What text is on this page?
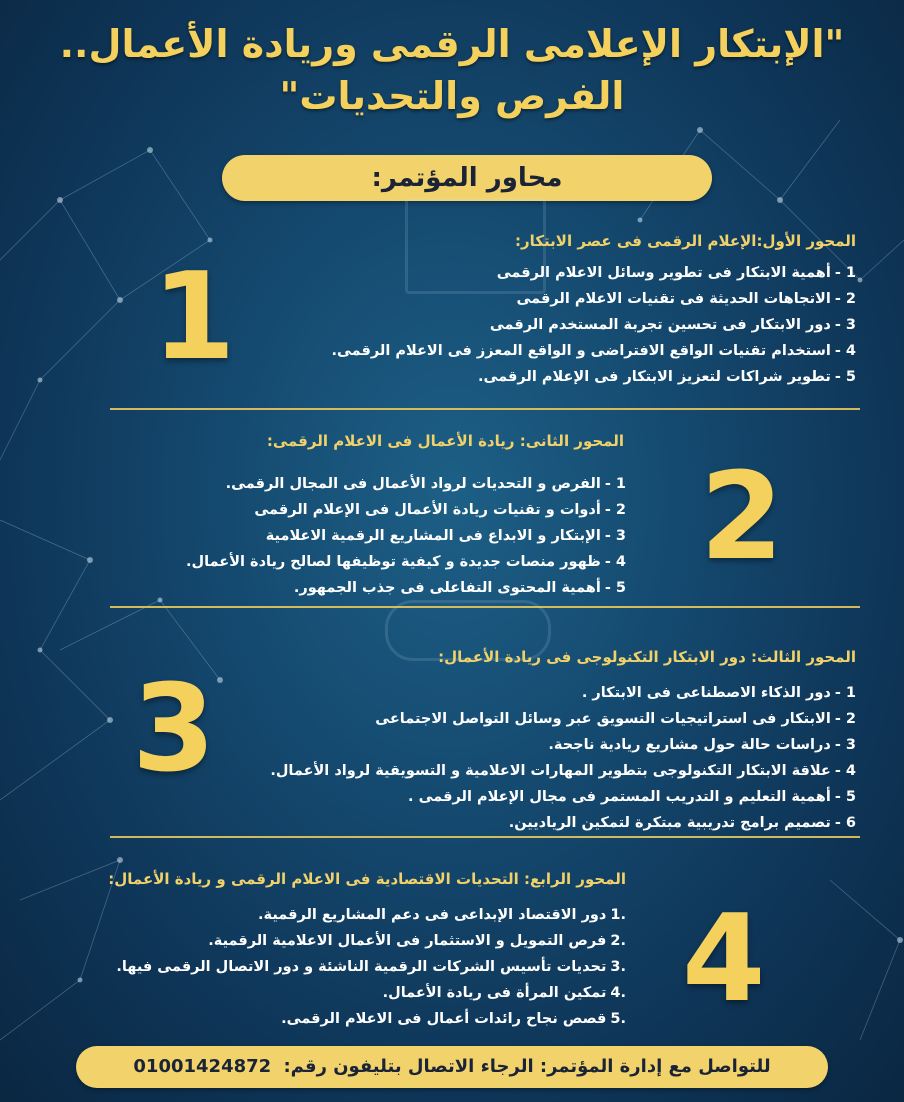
"الإبتكار الإعلامى الرقمى وريادة الأعمال..
الفرص والتحديات"
محاور المؤتمر:
1
المحور الأول:الإعلام الرقمى فى عصر الابتكار:
1 -أهمية الابتكار فى تطوير وسائل الاعلام الرقمى
2 -الاتجاهات الحديثة فى تقنيات الاعلام الرقمى
3 -دور الابتكار فى تحسين تجربة المستخدم الرقمى
4 -استخدام تقنيات الواقع الافتراضى و الواقع المعزز فى الاعلام الرقمى.
5 -تطوير شراكات لتعزيز الابتكار فى الإعلام الرقمى.
2
المحور الثانى: ريادة الأعمال فى الاعلام الرقمى:
1 -الفرص و التحديات لرواد الأعمال فى المجال الرقمى.
2 -أدوات و تقنيات ريادة الأعمال فى الإعلام الرقمى
3 -الإبتكار و الابداع فى المشاريع الرقمية الاعلامية
4 -ظهور منصات جديدة و كيفية توظيفها لصالح ريادة الأعمال.
5 -أهمية المحتوى التفاعلى فى جذب الجمهور.
3
المحور الثالث: دور الابتكار التكنولوجى فى ريادة الأعمال:
1 -دور الذكاء الاصطناعى فى الابتكار .
2 -الابتكار فى استراتيجيات التسويق عبر وسائل التواصل الاجتماعى
3 -دراسات حالة حول مشاريع ريادية ناجحة.
4 -علاقة الابتكار التكنولوجى بتطوير المهارات الاعلامية و التسويقية لرواد الأعمال.
5 -أهمية التعليم و التدريب المستمر فى مجال الإعلام الرقمى .
6 -تصميم برامج تدريبية مبتكرة لتمكين الرياديين.
4
المحور الرابع: التحديات الاقتصادية فى الاعلام الرقمى و ريادة الأعمال:
.1دور الاقتصاد الإبداعى فى دعم المشاريع الرقمية.
.2فرص التمويل و الاستثمار فى الأعمال الاعلامية الرقمية.
.3تحديات تأسيس الشركات الرقمية الناشئة و دور الاتصال الرقمى فيها.
.4تمكين المرأة فى ريادة الأعمال.
.5قصص نجاح رائدات أعمال فى الاعلام الرقمى.
للتواصل مع إدارة المؤتمر: الرجاء الاتصال بتليفون رقم: 01001424872
